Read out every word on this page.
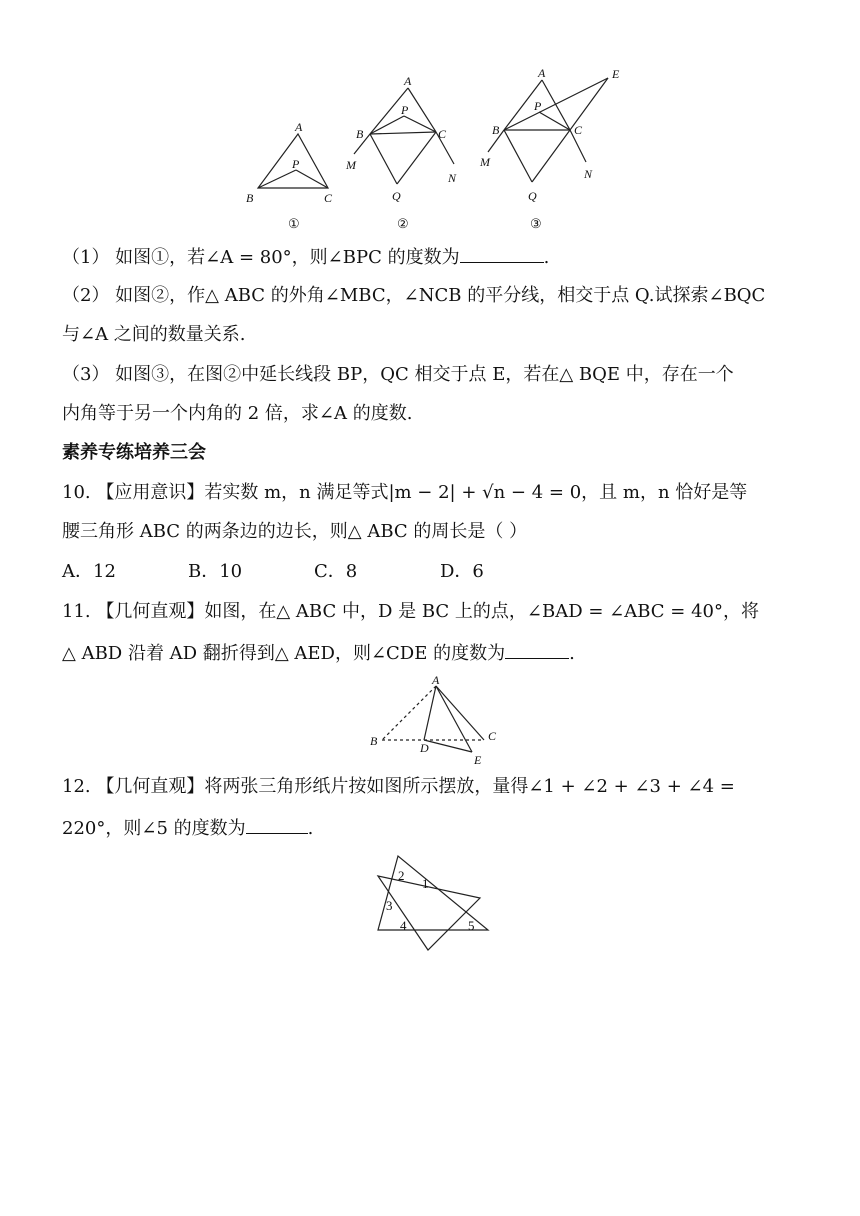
A
P
B	C
①
A
P
B	C
M
N
Q
②
A	E
P
B	C
M
N
Q
③
（1） 如图①，若∠A = 80°，则∠BPC 的度数为	.
（2） 如图②，作△ ABC 的外角∠MBC，∠NCB 的平分线，相交于点 Q.试探索∠BQC
与∠A 之间的数量关系.
（3） 如图③，在图②中延长线段 BP，QC 相交于点 E，若在△ BQE 中，存在一个
内角等于另一个内角的 2 倍，求∠A 的度数.
素养专练培养三会
10. 【应用意识】若实数 m，n 满足等式|m − 2| + √n − 4 = 0，且 m，n 恰好是等
腰三角形 ABC 的两条边的边长，则△ ABC 的周长是（ ）
A．12	B．10	C．8	D．6
11. 【几何直观】如图，在△ ABC 中，D 是 BC 上的点，∠BAD = ∠ABC = 40°，将
△ ABD 沿着 AD 翻折得到△ AED，则∠CDE 的度数为	.
A
B	D
C
E
12. 【几何直观】将两张三角形纸片按如图所示摆放，量得∠1 + ∠2 + ∠3 + ∠4 =
220°，则∠5 的度数为	.
2
1
3
4	5
